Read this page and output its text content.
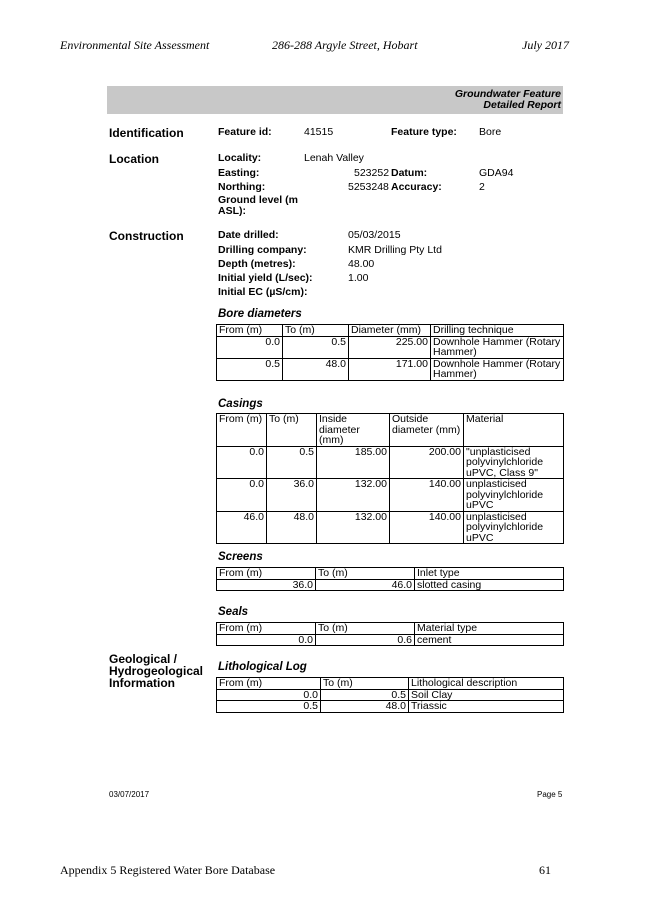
Environmental Site Assessment	286-288 Argyle Street, Hobart	July 2017
Groundwater Feature
Detailed Report
Identification	Feature id:	41515	Feature type: Bore
Location	Locality:	Lenah Valley
Easting:	523252 Datum:	GDA94
Northing:	5253248 Accuracy:	2
Ground level (m
ASL):
Construction	Date drilled:	05/03/2015
Drilling company:	KMR Drilling Pty Ltd
Depth (metres):	48.00
Initial yield (L/sec):	1.00
Initial EC (µS/cm):
Bore diameters
From (m)	To (m)	Diameter (mm)	Drilling technique
0.0	0.5	225.00	Downhole Hammer (Rotary Hammer)
0.5	48.0	171.00	Downhole Hammer (Rotary Hammer)
Casings
From (m)	To (m)	Inside diameter (mm)	Outside diameter (mm)	Material
0.0	0.5	185.00	200.00	"unplasticised polyvinylchloride uPVC, Class 9"
0.0	36.0	132.00	140.00	unplasticised polyvinylchloride uPVC
46.0	48.0	132.00	140.00	unplasticised polyvinylchloride uPVC
Screens
From (m)	To (m)	Inlet type
36.0	46.0	slotted casing
Seals
From (m)	To (m)	Material type
0.0	0.6	cement
Geological /
Hydrogeological
Information
Lithological Log
From (m)	To (m)	Lithological description
0.0	0.5	Soil Clay
0.5	48.0	Triassic
03/07/2017	Page 5
Appendix 5 Registered Water Bore Database	61
